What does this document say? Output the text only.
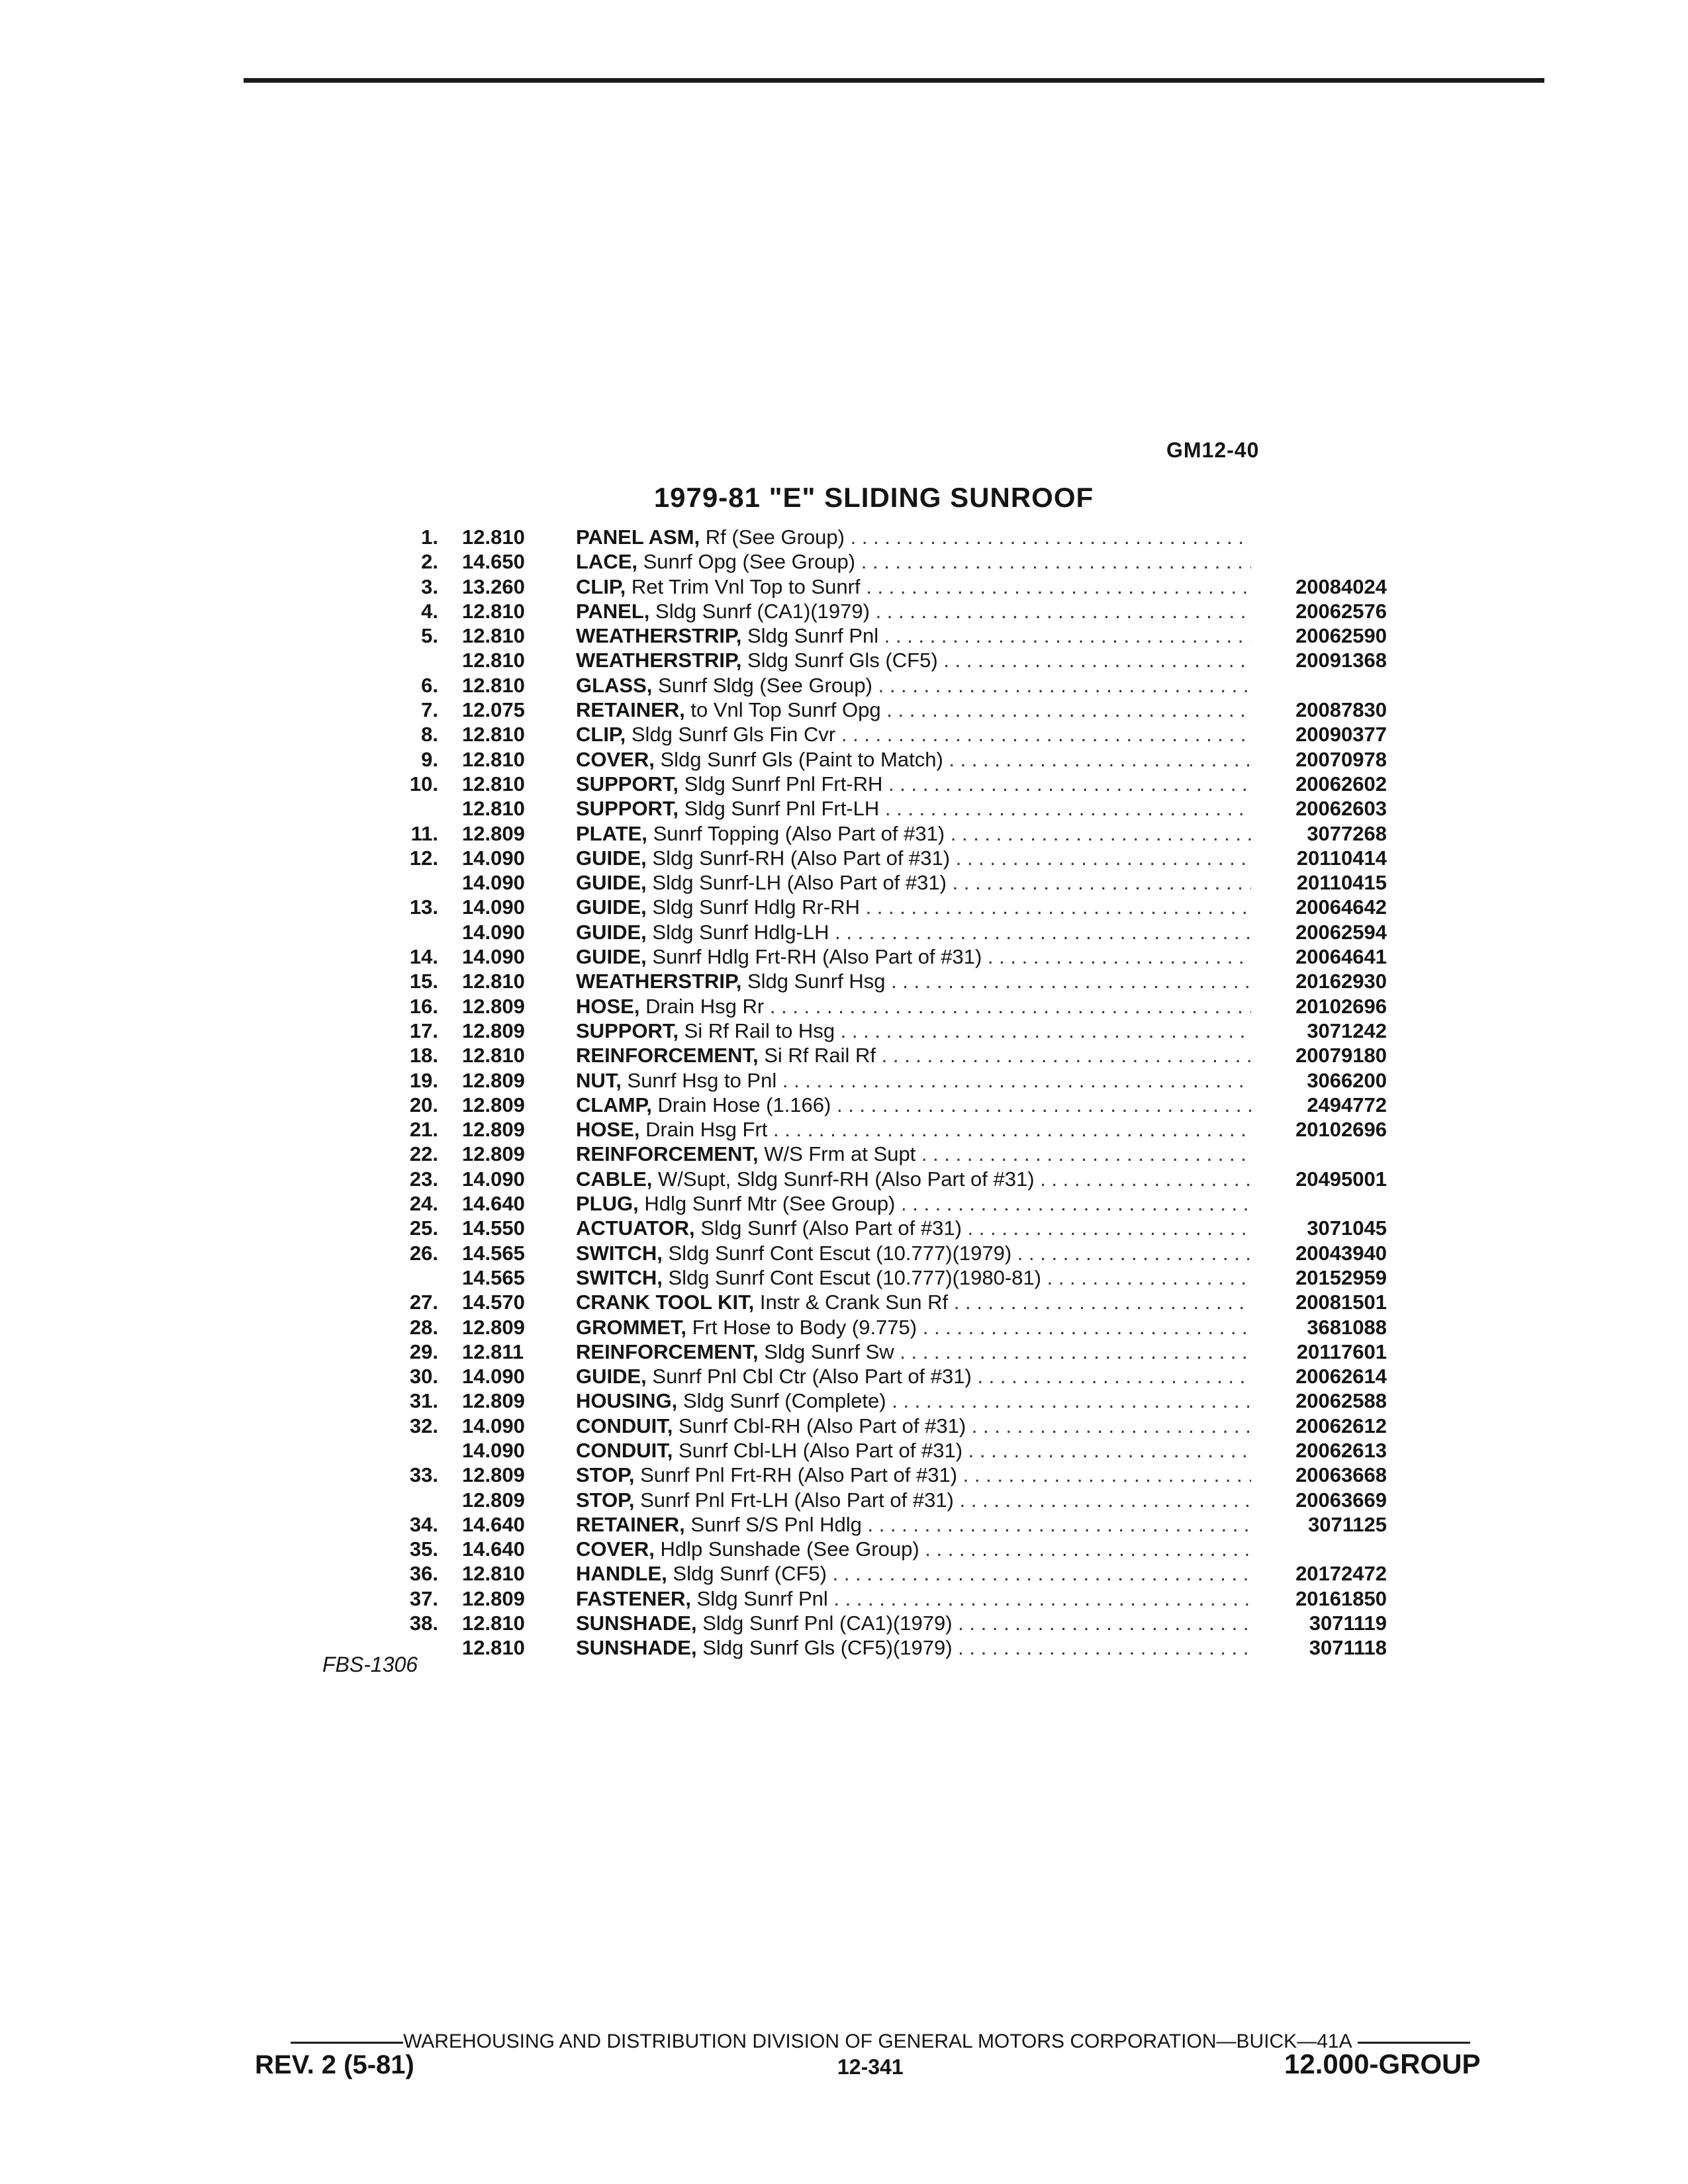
GM12-40
1979-81 "E" SLIDING SUNROOF
1. 12.810	PANEL ASM, Rf (See Group) . . .
2. 14.650	LACE, Sunrf Opg (See Group) . . .
3. 13.260	CLIP, Ret Trim Vnl Top to Sunrf . . .	20084024
4. 12.810	PANEL, Sldg Sunrf (CA1)(1979) . . .	20062576
5. 12.810	WEATHERSTRIP, Sldg Sunrf Pnl . . .	20062590
12.810	WEATHERSTRIP, Sldg Sunrf Gls (CF5) . . .	20091368
6. 12.810	GLASS, Sunrf Sldg (See Group) . . .
7. 12.075	RETAINER, to Vnl Top Sunrf Opg . . .	20087830
8. 12.810	CLIP, Sldg Sunrf Gls Fin Cvr . . .	20090377
9. 12.810	COVER, Sldg Sunrf Gls (Paint to Match) . . .	20070978
10. 12.810	SUPPORT, Sldg Sunrf Pnl Frt-RH . . .	20062602
12.810	SUPPORT, Sldg Sunrf Pnl Frt-LH . . .	20062603
11. 12.809	PLATE, Sunrf Topping (Also Part of #31) . . .	3077268
12. 14.090	GUIDE, Sldg Sunrf-RH (Also Part of #31) . . .	20110414
14.090	GUIDE, Sldg Sunrf-LH (Also Part of #31) . . .	20110415
13. 14.090	GUIDE, Sldg Sunrf Hdlg Rr-RH . . .	20064642
14.090	GUIDE, Sldg Sunrf Hdlg-LH . . .	20062594
14. 14.090	GUIDE, Sunrf Hdlg Frt-RH (Also Part of #31) . . .	20064641
15. 12.810	WEATHERSTRIP, Sldg Sunrf Hsg . . .	20162930
16. 12.809	HOSE, Drain Hsg Rr . . .	20102696
17. 12.809	SUPPORT, Si Rf Rail to Hsg . . .	3071242
18. 12.810	REINFORCEMENT, Si Rf Rail Rf . . .	20079180
19. 12.809	NUT, Sunrf Hsg to Pnl . . .	3066200
20. 12.809	CLAMP, Drain Hose (1.166) . . .	2494772
21. 12.809	HOSE, Drain Hsg Frt . . .	20102696
22. 12.809	REINFORCEMENT, W/S Frm at Supt . . .
23. 14.090	CABLE, W/Supt, Sldg Sunrf-RH (Also Part of #31) . . .	20495001
24. 14.640	PLUG, Hdlg Sunrf Mtr (See Group) . . .
25. 14.550	ACTUATOR, Sldg Sunrf (Also Part of #31) . . .	3071045
26. 14.565	SWITCH, Sldg Sunrf Cont Escut (10.777)(1979) . . .	20043940
14.565	SWITCH, Sldg Sunrf Cont Escut (10.777)(1980-81) . . .	20152959
27. 14.570	CRANK TOOL KIT, Instr & Crank Sun Rf . . .	20081501
28. 12.809	GROMMET, Frt Hose to Body (9.775) . . .	3681088
29. 12.811	REINFORCEMENT, Sldg Sunrf Sw . . .	20117601
30. 14.090	GUIDE, Sunrf Pnl Cbl Ctr (Also Part of #31) . . .	20062614
31. 12.809	HOUSING, Sldg Sunrf (Complete) . . .	20062588
32. 14.090	CONDUIT, Sunrf Cbl-RH (Also Part of #31) . . .	20062612
14.090	CONDUIT, Sunrf Cbl-LH (Also Part of #31) . . .	20062613
33. 12.809	STOP, Sunrf Pnl Frt-RH (Also Part of #31) . . .	20063668
12.809	STOP, Sunrf Pnl Frt-LH (Also Part of #31) . . .	20063669
34. 14.640	RETAINER, Sunrf S/S Pnl Hdlg . . .	3071125
35. 14.640	COVER, Hdlp Sunshade (See Group) . . .
36. 12.810	HANDLE, Sldg Sunrf (CF5) . . .	20172472
37. 12.809	FASTENER, Sldg Sunrf Pnl . . .	20161850
38. 12.810	SUNSHADE, Sldg Sunrf Pnl (CA1)(1979) . . .	3071119
12.810	SUNSHADE, Sldg Sunrf Gls (CF5)(1979) . . .	3071118
FBS-1306
WAREHOUSING AND DISTRIBUTION DIVISION OF GENERAL MOTORS CORPORATION—BUICK—41A
REV. 2 (5-81)	12-341	12.000-GROUP
